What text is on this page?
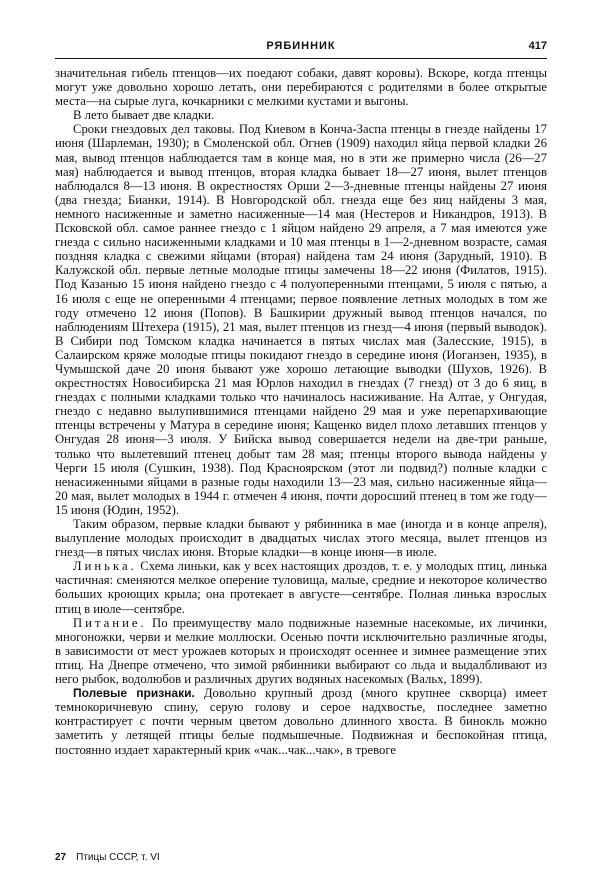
РЯБИННИК	417

значительная гибель птенцов—их поедают собаки, давят коровы). Вскоре, когда птенцы могут уже довольно хорошо летать, они перебираются с родителями в более открытые места—на сырые луга, кочкарники с мелкими кустами и выгоны.

В лето бывает две кладки.

Сроки гнездовых дел таковы. Под Киевом в Конча-Заспа птенцы в гнезде найдены 17 июня (Шарлеман, 1930); в Смоленской обл. Огнев (1909) находил яйца первой кладки 26 мая, вывод птенцов наблюдается там в конце мая, но в эти же примерно числа (26—27 мая) наблюдается и вывод птенцов, вторая кладка бывает 18—27 июня, вылет птенцов наблюдался 8—13 июня. В окрестностях Орши 2—3-дневные птенцы найдены 27 июня (два гнезда; Бианки, 1914). В Новгородской обл. гнезда еще без яиц найдены 3 мая, немного насиженные и заметно насиженные—14 мая (Нестеров и Никандров, 1913). В Псковской обл. самое раннее гнездо с 1 яйцом найдено 29 апреля, а 7 мая имеются уже гнезда с сильно насиженными кладками и 10 мая птенцы в 1—2-дневном возрасте, самая поздняя кладка с свежими яйцами (вторая) найдена там 24 июня (Зарудный, 1910). В Калужской обл. первые летные молодые птицы замечены 18—22 июня (Филатов, 1915). Под Казанью 15 июня найдено гнездо с 4 полуоперенными птенцами, 5 июля с пятью, а 16 июля с еще не оперенными 4 птенцами; первое появление летных молодых в том же году отмечено 12 июня (Попов). В Башкирии дружный вывод птенцов начался, по наблюдениям Штехера (1915), 21 мая, вылет птенцов из гнезд—4 июня (первый выводок). В Сибири под Томском кладка начинается в пятых числах мая (Залесские, 1915), в Салаирском кряже молодые птицы покидают гнездо в середине июня (Иоганзен, 1935), в Чумышской даче 20 июня бывают уже хорошо летающие выводки (Шухов, 1926). В окрестностях Новосибирска 21 мая Юрлов находил в гнездах (7 гнезд) от 3 до 6 яиц, в гнездах с полными кладками только что начиналось насиживание. На Алтае, у Онгудая, гнездо с недавно вылупившимися птенцами найдено 29 мая и уже перепархивающие птенцы встречены у Матура в середине июня; Кащенко видел плохо летавших птенцов у Онгудая 28 июня—3 июля. У Бийска вывод совершается недели на две-три раньше, только что вылетевший птенец добыт там 28 мая; птенцы второго вывода найдены у Черги 15 июля (Сушкин, 1938). Под Красноярском (этот ли подвид?) полные кладки с ненасиженными яйцами в разные годы находили 13—23 мая, сильно насиженные яйца—20 мая, вылет молодых в 1944 г. отмечен 4 июня, почти доросший птенец в том же году—15 июня (Юдин, 1952).

Таким образом, первые кладки бывают у рябинника в мае (иногда и в конце апреля), вылупление молодых происходит в двадцатых числах этого месяца, вылет птенцов из гнезд—в пятых числах июня. Вторые кладки—в конце июня—в июле.

Линька. Схема линьки, как у всех настоящих дроздов, т. е. у молодых птиц, линька частичная: сменяются мелкое оперение туловища, малые, средние и некоторое количество больших кроющих крыла; она протекает в августе—сентябре. Полная линька взрослых птиц в июле—сентябре.

Питание. По преимуществу мало подвижные наземные насекомые, их личинки, многоножки, черви и мелкие моллюски. Осенью почти исключительно различные ягоды, в зависимости от мест урожаев которых и происходят осеннее и зимнее размещение этих птиц. На Днепре отмечено, что зимой рябинники выбирают со льда и выдалбливают из него рыбок, водолюбов и различных других водяных насекомых (Вальх, 1899).

Полевые признаки. Довольно крупный дрозд (много крупнее скворца) имеет темнокоричневую спину, серую голову и серое надхвостье, последнее заметно контрастирует с почти черным цветом довольно длинного хвоста. В бинокль можно заметить у летящей птицы белые подмышечные. Подвижная и беспокойная птица, постоянно издает характерный крик «чак...чак...чак», в тревоге

27 Птицы СССР, т. VI
